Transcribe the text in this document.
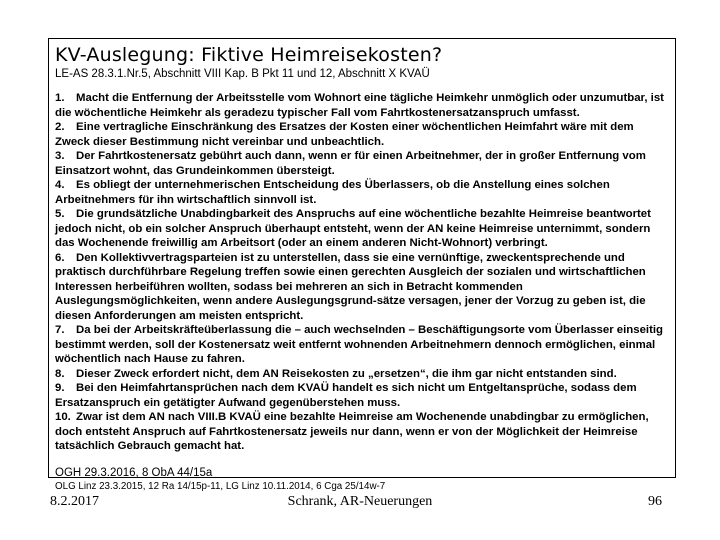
KV-Auslegung: Fiktive Heimreisekosten?
LE-AS 28.3.1.Nr.5, Abschnitt VIII Kap. B Pkt 11 und 12, Abschnitt X KVAÜ
1. Macht die Entfernung der Arbeitsstelle vom Wohnort eine tägliche Heimkehr unmöglich oder unzumutbar, ist die wöchentliche Heimkehr als geradezu typischer Fall vom Fahrtkostenersatzanspruch umfasst.
2. Eine vertragliche Einschränkung des Ersatzes der Kosten einer wöchentlichen Heimfahrt wäre mit dem Zweck dieser Bestimmung nicht vereinbar und unbeachtlich.
3. Der Fahrtkostenersatz gebührt auch dann, wenn er für einen Arbeitnehmer, der in großer Entfernung vom Einsatzort wohnt, das Grundeinkommen übersteigt.
4. Es obliegt der unternehmerischen Entscheidung des Überlassers, ob die Anstellung eines solchen Arbeitnehmers für ihn wirtschaftlich sinnvoll ist.
5. Die grundsätzliche Unabdingbarkeit des Anspruchs auf eine wöchentliche bezahlte Heimreise beantwortet jedoch nicht, ob ein solcher Anspruch überhaupt entsteht, wenn der AN keine Heimreise unternimmt, sondern das Wochenende freiwillig am Arbeitsort (oder an einem anderen Nicht-Wohnort) verbringt.
6. Den Kollektivvertragsparteien ist zu unterstellen, dass sie eine vernünftige, zweckentsprechende und praktisch durchführbare Regelung treffen sowie einen gerechten Ausgleich der sozialen und wirtschaftlichen Interessen herbeiführen wollten, sodass bei mehreren an sich in Betracht kommenden Auslegungsmöglichkeiten, wenn andere Auslegungsgrund-sätze versagen, jener der Vorzug zu geben ist, die diesen Anforderungen am meisten entspricht.
7. Da bei der Arbeitskräfteüberlassung die – auch wechselnden – Beschäftigungsorte vom Überlasser einseitig bestimmt werden, soll der Kostenersatz weit entfernt wohnenden Arbeitnehmern dennoch ermöglichen, einmal wöchentlich nach Hause zu fahren.
8. Dieser Zweck erfordert nicht, dem AN Reisekosten zu „ersetzen“, die ihm gar nicht entstanden sind.
9. Bei den Heimfahrtansprüchen nach dem KVAÜ handelt es sich nicht um Entgeltansprüche, sodass dem Ersatzanspruch ein getätigter Aufwand gegenüberstehen muss.
10. Zwar ist dem AN nach VIII.B KVAÜ eine bezahlte Heimreise am Wochenende unabdingbar zu ermöglichen, doch entsteht Anspruch auf Fahrtkostenersatz jeweils nur dann, wenn er von der Möglichkeit der Heimreise tatsächlich Gebrauch gemacht hat.
OGH 29.3.2016, 8 ObA 44/15a
OLG Linz 23.3.2015, 12 Ra 14/15p-11, LG Linz 10.11.2014, 6 Cga 25/14w-7
8.2.2017	Schrank, AR-Neuerungen	96
